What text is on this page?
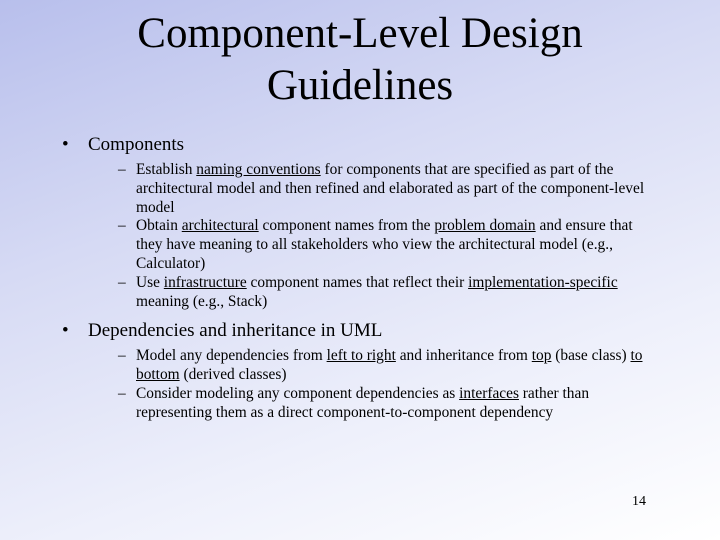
Component-Level Design
Guidelines
• Components
– Establish naming conventions for components that are specified as part of the architectural model and then refined and elaborated as part of the component-level model
– Obtain architectural component names from the problem domain and ensure that they have meaning to all stakeholders who view the architectural model (e.g., Calculator)
– Use infrastructure component names that reflect their implementation-specific meaning (e.g., Stack)
• Dependencies and inheritance in UML
– Model any dependencies from left to right and inheritance from top (base class) to bottom (derived classes)
– Consider modeling any component dependencies as interfaces rather than representing them as a direct component-to-component dependency
14
